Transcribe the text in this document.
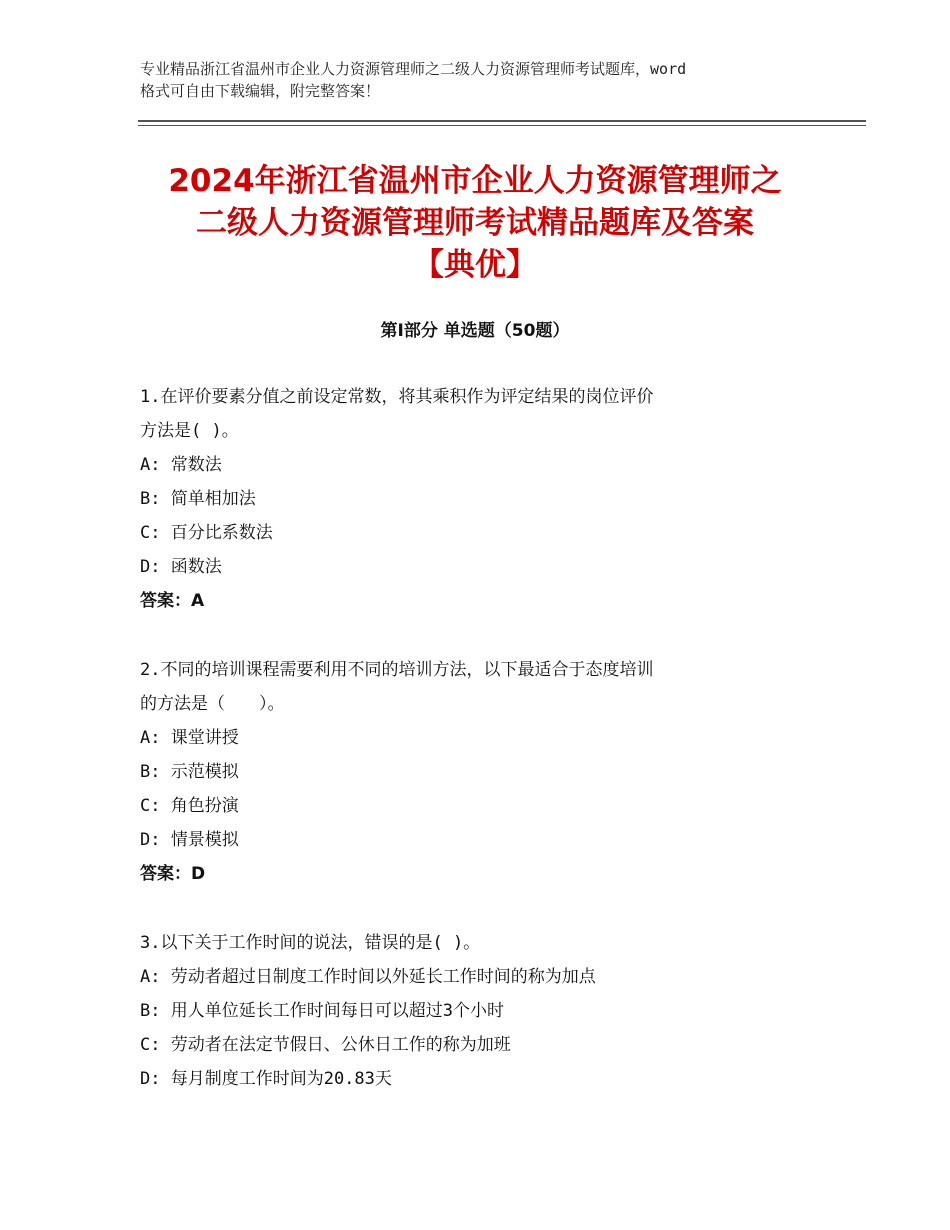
专业精品浙江省温州市企业人力资源管理师之二级人力资源管理师考试题库，word
格式可自由下载编辑，附完整答案！
2024年浙江省温州市企业人力资源管理师之
二级人力资源管理师考试精品题库及答案
【典优】
第Ⅰ部分 单选题（50题）
1.在评价要素分值之前设定常数，将其乘积作为评定结果的岗位评价
方法是( )。
A: 常数法
B: 简单相加法
C: 百分比系数法
D: 函数法
答案：A
2.不同的培训课程需要利用不同的培训方法，以下最适合于态度培训
的方法是（　　）。
A: 课堂讲授
B: 示范模拟
C: 角色扮演
D: 情景模拟
答案：D
3.以下关于工作时间的说法，错误的是( )。
A: 劳动者超过日制度工作时间以外延长工作时间的称为加点
B: 用人单位延长工作时间每日可以超过3个小时
C: 劳动者在法定节假日、公休日工作的称为加班
D: 每月制度工作时间为20.83天
